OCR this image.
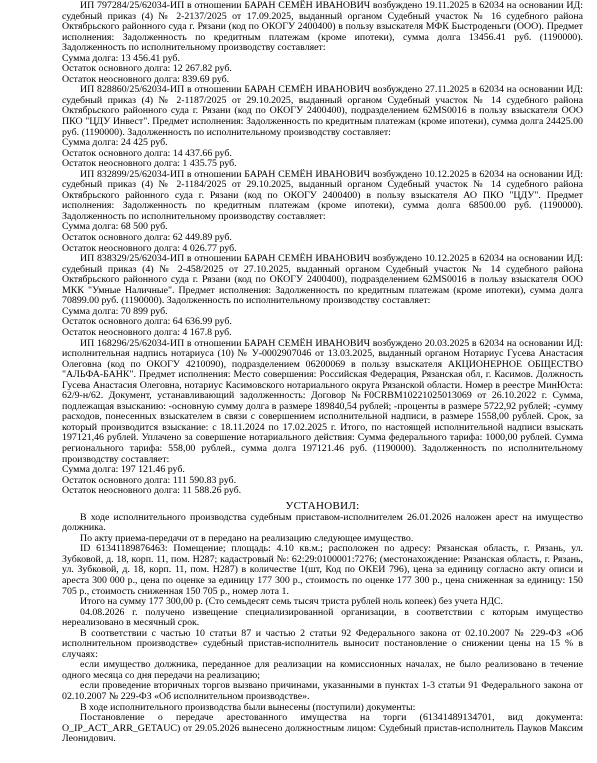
ИП 797284/25/62034-ИП в отношении БАРАН СЕМЁН ИВАНОВИЧ возбуждено 19.11.2025 в 62034 на основании ИД: судебный приказ (4) № 2-2137/2025 от 17.09.2025, выданный органом Судебный участок № 16 судебного района Октябрьского районного суда г. Рязани (код по ОКОГУ 2400400) в пользу взыскателя МФК Быстроденьги (ООО). Предмет исполнения: Задолженность по кредитным платежам (кроме ипотеки), сумма долга 13456.41 руб. (1190000). Задолженность по исполнительному производству составляет:

Сумма долга: 13 456.41 руб.

Остаток основного долга: 12 267.82 руб.

Остаток неосновного долга: 839.69 руб.

ИП 828860/25/62034-ИП в отношении БАРАН СЕМЁН ИВАНОВИЧ возбуждено 27.11.2025 в 62034 на основании ИД: судебный приказ (4) № 2-1187/2025 от 29.10.2025, выданный органом Судебный участок № 14 судебного района Октябрьского районного суда г. Рязани (код по ОКОГУ 2400400), подразделением 62MS0016 в пользу взыскателя ООО ПКО "ЦДУ Инвест". Предмет исполнения: Задолженность по кредитным платежам (кроме ипотеки), сумма долга 24425.00 руб. (1190000). Задолженность по исполнительному производству составляет:

Сумма долга: 24 425 руб.

Остаток основного долга: 14 437.66 руб.

Остаток неосновного долга: 1 435.75 руб.

ИП 832899/25/62034-ИП в отношении БАРАН СЕМЁН ИВАНОВИЧ возбуждено 10.12.2025 в 62034 на основании ИД: судебный приказ (4) № 2-1184/2025 от 29.10.2025, выданный органом Судебный участок № 14 судебного района Октябрьского районного суда г. Рязани (код по ОКОГУ 2400400) в пользу взыскателя АО ПКО "ЦДУ". Предмет исполнения: Задолженность по кредитным платежам (кроме ипотеки), сумма долга 68500.00 руб. (1190000). Задолженность по исполнительному производству составляет:

Сумма долга: 68 500 руб.

Остаток основного долга: 62 449.89 руб.

Остаток неосновного долга: 4 026.77 руб.

ИП 838329/25/62034-ИП в отношении БАРАН СЕМЁН ИВАНОВИЧ возбуждено 10.12.2025 в 62034 на основании ИД: судебный приказ (4) № 2-458/2025 от 27.10.2025, выданный органом Судебный участок № 14 судебного района Октябрьского районного суда г. Рязани (код по ОКОГУ 2400400), подразделением 62MS0016 в пользу взыскателя ООО МКК "Умные Наличные". Предмет исполнения: Задолженность по кредитным платежам (кроме ипотеки), сумма долга 70899.00 руб. (1190000). Задолженность по исполнительному производству составляет:

Сумма долга: 70 899 руб.

Остаток основного долга: 64 636.99 руб.

Остаток неосновного долга: 4 167.8 руб.

ИП 168296/25/62034-ИП в отношении БАРАН СЕМЁН ИВАНОВИЧ возбуждено 20.03.2025 в 62034 на основании ИД: исполнительная надпись нотариуса (10) № У-0002907046 от 13.03.2025, выданный органом Нотариус Гусева Анастасия Олеговна (код по ОКОГУ 4210090), подразделением 06200069 в пользу взыскателя АКЦИОНЕРНОЕ ОБЩЕСТВО "АЛЬФА-БАНК". Предмет исполнения: Место совершения: Российская Федерация, Рязанская обл, г. Касимов. Должность Гусева Анастасия Олеговна, нотариус Касимовского нотариального округа Рязанской области. Номер в реестре МинЮста: 62/9-н/62. Документ, устанавливающий задолженность: Договор №F0CRBM10221025013069 от 26.10.2022 г. Сумма, подлежащая взысканию: -основную сумму долга в размере 189840,54 рублей; -проценты в размере 5722,92 рублей; -сумму расходов, понесенных взыскателем в связи с совершением исполнительной надписи, в размере 1558,00 рублей. Срок, за который производится взыскание: с 18.11.2024 по 17.02.2025 г. Итого, по настоящей исполнительной надписи взыскать 197121,46 рублей. Уплачено за совершение нотариального действия: Сумма федерального тарифа: 1000,00 рублей. Сумма регионального тарифа: 558,00 рублей., сумма долга 197121.46 руб. (1190000). Задолженность по исполнительному производству составляет:

Сумма долга: 197 121.46 руб.

Остаток основного долга: 111 590.83 руб.

Остаток неосновного долга: 11 588.26 руб.

УСТАНОВИЛ:

В ходе исполнительного производства судебным приставом-исполнителем 26.01.2026 наложен арест на имущество должника.

По акту приема-передачи от в передано на реализацию следующее имущество.

ID 61341189876463: Помещение; площадь: 4.10 кв.м.; расположен по адресу: Рязанская область, г. Рязань, ул. Зубковой, д. 18, корп. 11, пом. Н287; кадастровый №: 62:29:0100001:7276; (местонахождение: Рязанская область, г. Рязань, ул. Зубковой, д. 18, корп. 11, пом. Н287) в количестве 1(шт, Код по ОКЕИ 796), цена за единицу согласно акту описи и ареста 300 000 р., цена по оценке за единицу 177 300 р., стоимость по оценке 177 300 р., цена сниженная за единицу: 150 705 р., стоимость сниженная 150 705 р., номер лота 1.

Итого на сумму 177 300,00 р. (Сто семьдесят семь тысяч триста рублей ноль копеек) без учета НДС.

04.08.2026 г. получено извещение специализированной организации, в соответствии с которым имущество нереализовано в месячный срок.

В соответствии с частью 10 статьи 87 и частью 2 статьи 92 Федерального закона от 02.10.2007 № 229-ФЗ «Об исполнительном производстве» судебный пристав-исполнитель выносит постановление о снижении цены на 15 % в случаях:

если имущество должника, переданное для реализации на комиссионных началах, не было реализовано в течение одного месяца со дня передачи на реализацию;

если проведение вторичных торгов вызвано причинами, указанными в пунктах 1-3 статьи 91 Федерального закона от 02.10.2007 № 229-ФЗ «Об исполнительном производстве».

В ходе исполнительного производства были вынесены (поступили) документы:

Постановление о передаче арестованного имущества на торги (61341489134701, вид документа: O_IP_ACT_ARR_GETAUC) от 29.05.2026 вынесено должностным лицом: Судебный пристав-исполнитель Пауков Максим Леонидович.
